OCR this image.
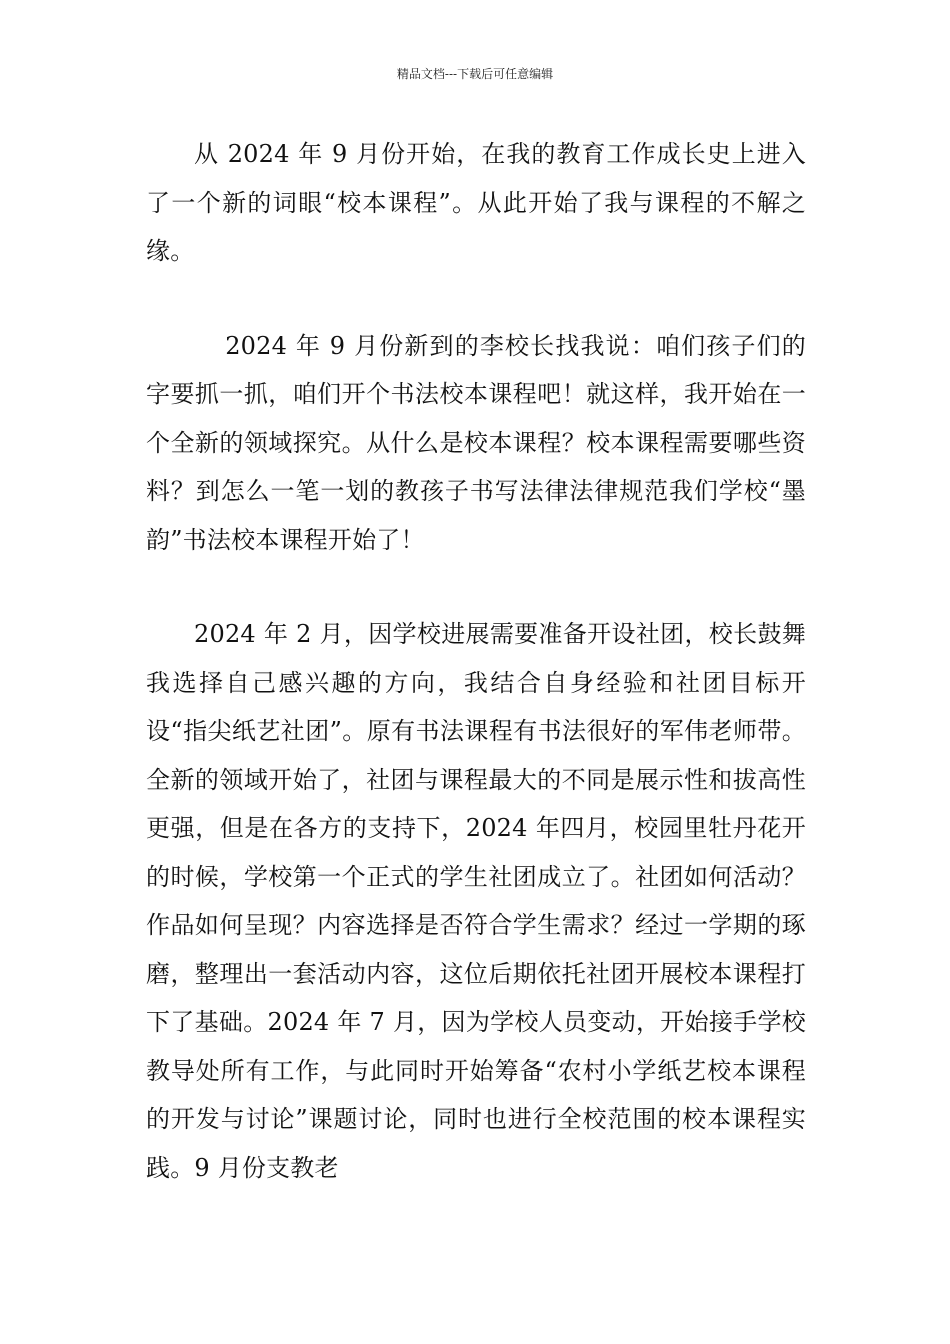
精品文档---下载后可任意编辑

从 2024 年 9 月份开始，在我的教育工作成长史上进入了一个新的词眼“校本课程”。从此开始了我与课程的不解之缘。

2024 年 9 月份新到的李校长找我说：咱们孩子们的字要抓一抓，咱们开个书法校本课程吧！就这样，我开始在一个全新的领域探究。从什么是校本课程？校本课程需要哪些资料？到怎么一笔一划的教孩子书写法律法律规范我们学校“墨韵”书法校本课程开始了！

2024 年 2 月，因学校进展需要准备开设社团，校长鼓舞我选择自己感兴趣的方向，我结合自身经验和社团目标开设“指尖纸艺社团”。原有书法课程有书法很好的军伟老师带。全新的领域开始了，社团与课程最大的不同是展示性和拔高性更强，但是在各方的支持下，2024 年四月，校园里牡丹花开的时候，学校第一个正式的学生社团成立了。社团如何活动？作品如何呈现？内容选择是否符合学生需求？经过一学期的琢磨，整理出一套活动内容，这位后期依托社团开展校本课程打下了基础。2024 年 7 月，因为学校人员变动，开始接手学校教导处所有工作，与此同时开始筹备“农村小学纸艺校本课程的开发与讨论”课题讨论，同时也进行全校范围的校本课程实践。9 月份支教老
